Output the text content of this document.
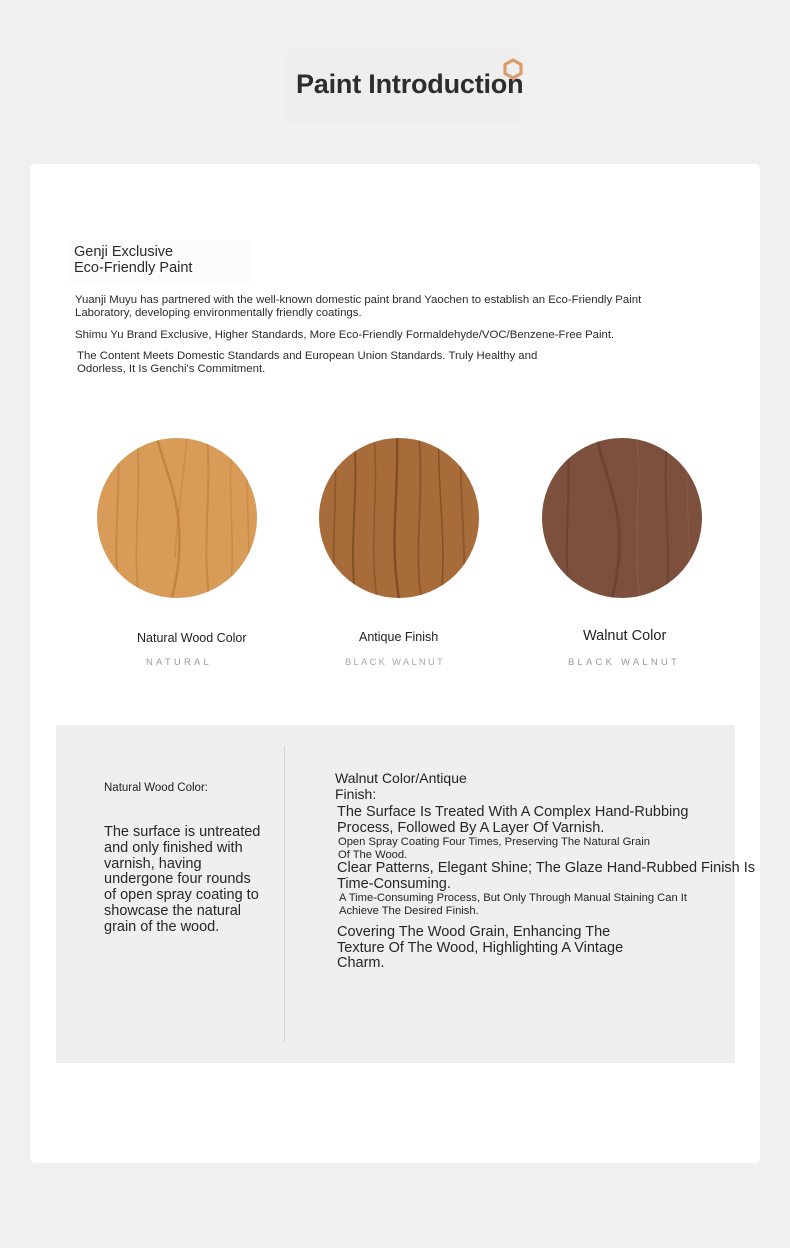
Paint Introduction
Genji Exclusive
Eco-Friendly Paint

Yuanji Muyu has partnered with the well-known domestic paint brand Yaochen to establish an Eco-Friendly Paint Laboratory, developing environmentally friendly coatings.

Shimu Yu Brand Exclusive, Higher Standards, More Eco-Friendly Formaldehyde/VOC/Benzene-Free Paint.

The Content Meets Domestic Standards and European Union Standards. Truly Healthy and Odorless, It Is Genchi's Commitment.

Natural Wood Color	Antique Finish	Walnut Color
NATURAL	BLACK WALNUT	BLACK WALNUT
Natural Wood Color:

The surface is untreated and only finished with varnish, having undergone four rounds of open spray coating to showcase the natural grain of the wood.

Walnut Color/Antique Finish:

The Surface Is Treated With A Complex Hand-Rubbing Process, Followed By A Layer Of Varnish.

Open Spray Coating Four Times, Preserving The Natural Grain Of The Wood.

Clear Patterns, Elegant Shine; The Glaze Hand-Rubbed Finish Is Time-Consuming.

A Time-Consuming Process, But Only Through Manual Staining Can It Achieve The Desired Finish.

Covering The Wood Grain, Enhancing The Texture Of The Wood, Highlighting A Vintage Charm.
